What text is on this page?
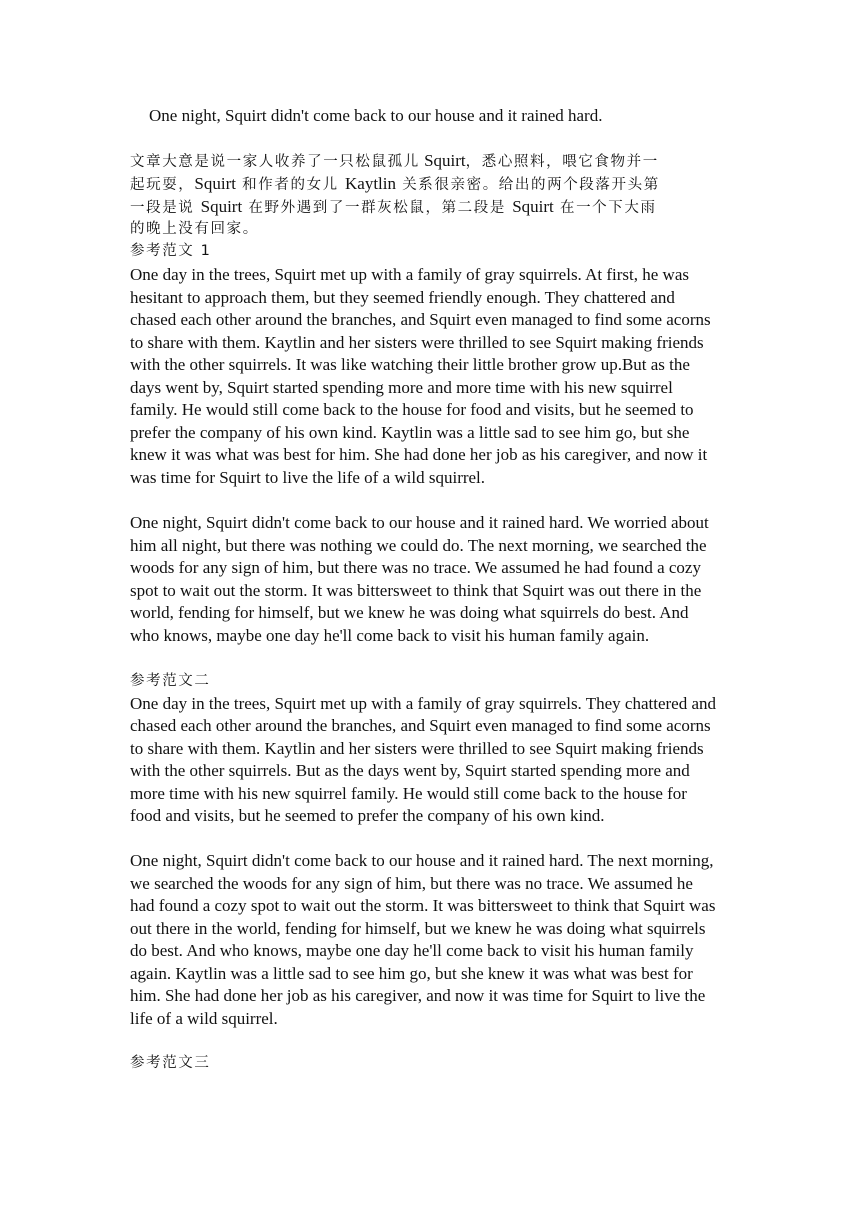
One night, Squirt didn't come back to our house and it rained hard.
文章大意是说一家人收养了一只松鼠孤儿 Squirt，悉心照料，喂它食物并一
起玩耍，Squirt 和作者的女儿 Kaytlin 关系很亲密。给出的两个段落开头第
一段是说 Squirt 在野外遇到了一群灰松鼠，第二段是 Squirt 在一个下大雨
的晚上没有回家。
参考范文 1
One day in the trees, Squirt met up with a family of gray squirrels. At first, he was
hesitant to approach them, but they seemed friendly enough. They chattered and
chased each other around the branches, and Squirt even managed to find some acorns
to share with them. Kaytlin and her sisters were thrilled to see Squirt making friends
with the other squirrels. It was like watching their little brother grow up.But as the
days went by, Squirt started spending more and more time with his new squirrel
family. He would still come back to the house for food and visits, but he seemed to
prefer the company of his own kind. Kaytlin was a little sad to see him go, but she
knew it was what was best for him. She had done her job as his caregiver, and now it
was time for Squirt to live the life of a wild squirrel.
One night, Squirt didn't come back to our house and it rained hard. We worried about
him all night, but there was nothing we could do. The next morning, we searched the
woods for any sign of him, but there was no trace. We assumed he had found a cozy
spot to wait out the storm. It was bittersweet to think that Squirt was out there in the
world, fending for himself, but we knew he was doing what squirrels do best. And
who knows, maybe one day he'll come back to visit his human family again.
参考范文二
One day in the trees, Squirt met up with a family of gray squirrels. They chattered and
chased each other around the branches, and Squirt even managed to find some acorns
to share with them. Kaytlin and her sisters were thrilled to see Squirt making friends
with the other squirrels. But as the days went by, Squirt started spending more and
more time with his new squirrel family. He would still come back to the house for
food and visits, but he seemed to prefer the company of his own kind.
One night, Squirt didn't come back to our house and it rained hard. The next morning,
we searched the woods for any sign of him, but there was no trace. We assumed he
had found a cozy spot to wait out the storm. It was bittersweet to think that Squirt was
out there in the world, fending for himself, but we knew he was doing what squirrels
do best. And who knows, maybe one day he'll come back to visit his human family
again. Kaytlin was a little sad to see him go, but she knew it was what was best for
him. She had done her job as his caregiver, and now it was time for Squirt to live the
life of a wild squirrel.
参考范文三
